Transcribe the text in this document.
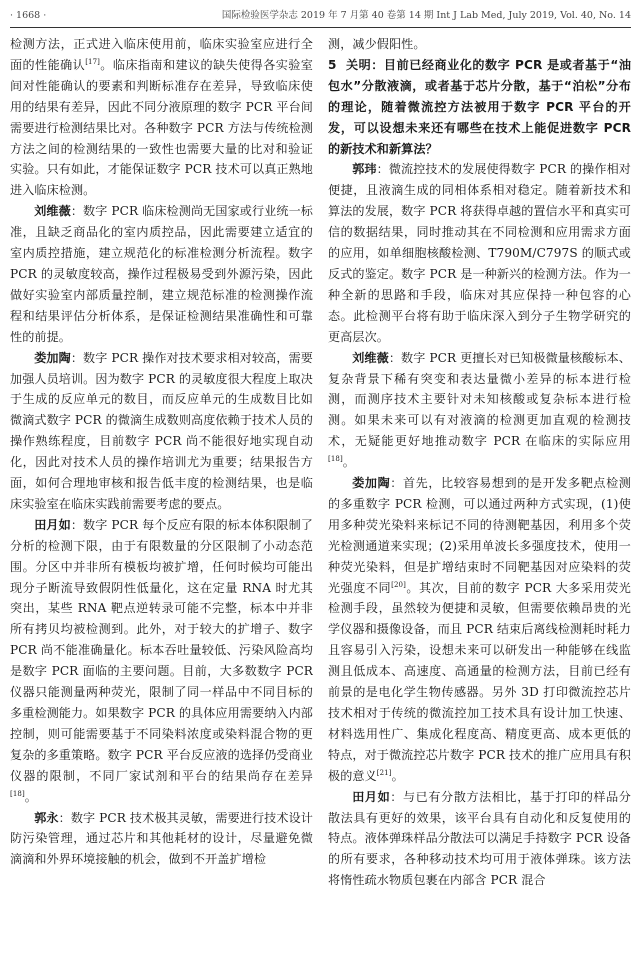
· 1668 ·	国际检验医学杂志 2019 年 7 月第 40 卷第 14 期 Int J Lab Med, July 2019, Vol. 40, No. 14

检测方法，正式进入临床使用前，临床实验室应进行全面的性能确认[17]。临床指南和建议的缺失使得各实验室间对性能确认的要素和判断标准存在差异，导致临床使用的结果有差异，因此不同分液原理的数字 PCR 平台间需要进行检测结果比对。各种数字 PCR 方法与传统检测方法之间的检测结果的一致性也需要大量的比对和验证实验。只有如此，才能保证数字 PCR 技术可以真正熟地进入临床检测。

刘维薇：数字 PCR 临床检测尚无国家或行业统一标准，且缺乏商品化的室内质控品，因此需要建立适宜的室内质控措施，建立规范化的标准检测分析流程。数字 PCR 的灵敏度较高，操作过程极易受到外源污染，因此做好实验室内部质量控制，建立规范标准的检测操作流程和结果评估分析体系，是保证检测结果准确性和可靠性的前提。

娄加陶：数字 PCR 操作对技术要求相对较高，需要加强人员培训。因为数字 PCR 的灵敏度很大程度上取决于生成的反应单元的数目，而反应单元的生成数目比如微滴式数字 PCR 的微滴生成数则高度依赖于技术人员的操作熟练程度，目前数字 PCR 尚不能很好地实现自动化，因此对技术人员的操作培训尤为重要；结果报告方面，如何合理地审核和报告低丰度的检测结果，也是临床实验室在临床实践前需要考虑的要点。

田月如：数字 PCR 每个反应有限的标本体积限制了分析的检测下限，由于有限数量的分区限制了小动态范围。分区中并非所有模板均被扩增，任何时候均可能出现分子断流导致假阴性低量化，这在定量 RNA 时尤其突出，某些 RNA 靶点逆转录可能不完整，标本中并非所有拷贝均被检测到。此外，对于较大的扩增子、数字 PCR 尚不能准确量化。标本吞吐量较低、污染风险高均是数字 PCR 面临的主要问题。目前，大多数数字 PCR 仪器只能测量两种荧光，限制了同一样品中不同目标的多重检测能力。如果数字 PCR 的具体应用需要纳入内部控制，则可能需要基于不同染料浓度或染料混合物的更复杂的多重策略。数字 PCR 平台反应液的选择仍受商业仪器的限制，不同厂家试剂和平台的结果尚存在差异[18]。

郭永：数字 PCR 技术极其灵敏，需要进行技术设计防污染管理，通过芯片和其他耗材的设计，尽量避免微滴滴和外界环境接触的机会，做到不开盖扩增检

测，减少假阳性。

5 关明：目前已经商业化的数字 PCR 是或者基于“油包水”分散液滴，或者基于芯片分散，基于“泊松”分布的理论，随着微流控方法被用于数字 PCR 平台的开发，可以设想未来还有哪些在技术上能促进数字 PCR 的新技术和新算法？

郭玮：微流控技术的发展使得数字 PCR 的操作相对便捷，且液滴生成的同相体系相对稳定。随着新技术和算法的发展，数字 PCR 将获得卓越的置信水平和真实可信的数据结果，同时推动其在不同检测和应用需求方面的应用，如单细胞核酸检测、T790M/C797S 的顺式或反式的鉴定。数字 PCR 是一种新兴的检测方法。作为一种全新的思路和手段，临床对其应保持一种包容的心态。此检测平台将有助于临床深入到分子生物学研究的更高层次。

刘维薇：数字 PCR 更擅长对已知极微量核酸标本、复杂背景下稀有突变和表达量微小差异的标本进行检测，而测序技术主要针对未知核酸或复杂标本进行检测。如果未来可以有对液滴的检测更加直观的检测技术，无疑能更好地推动数字 PCR 在临床的实际应用[18]。

娄加陶：首先，比较容易想到的是开发多靶点检测的多重数字 PCR 检测，可以通过两种方式实现，(1)使用多种荧光染料来标记不同的待测靶基因，利用多个荧光检测通道来实现；(2)采用单波长多强度技术，使用一种荧光染料，但是扩增结束时不同靶基因对应染料的荧光强度不同[20]。其次，目前的数字 PCR 大多采用荧光检测手段，虽然较为便捷和灵敏，但需要依赖昂贵的光学仪器和摄像设备，而且 PCR 结束后离线检测耗时耗力且容易引入污染，设想未来可以研发出一种能够在线监测且低成本、高速度、高通量的检测方法，目前已经有前景的是电化学生物传感器。另外 3D 打印微流控芯片技术相对于传统的微流控加工技术具有设计加工快速、材料选用性广、集成化程度高、精度更高、成本更低的特点，对于微流控芯片数字 PCR 技术的推广应用具有积极的意义[21]。

田月如：与已有分散方法相比，基于打印的样品分散法具有更好的效果，该平台具有自动化和反复使用的特点。液体弹珠样品分散法可以满足手持数字 PCR 设备的所有要求，各种移动技术均可用于液体弹珠。该方法将惰性疏水物质包裹在内部含 PCR 混合
